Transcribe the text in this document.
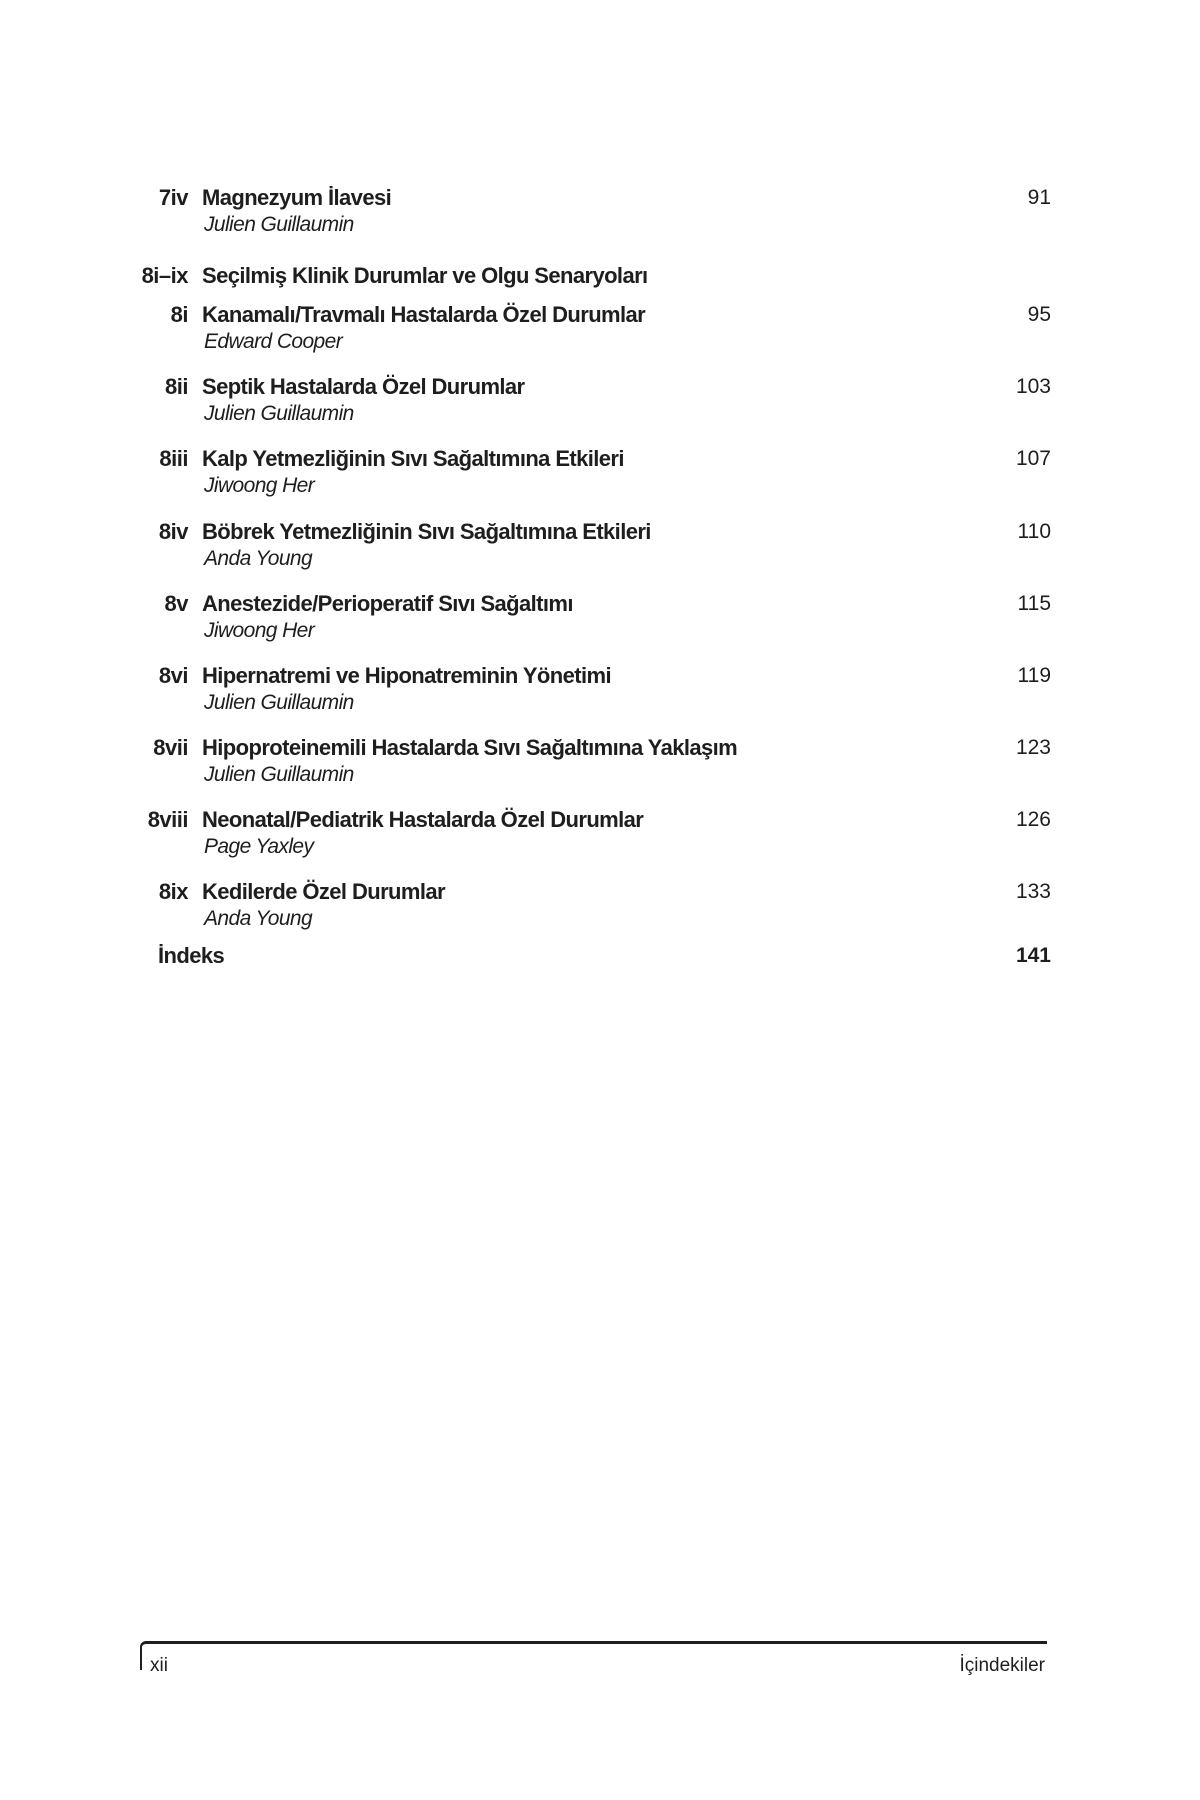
7iv Magnezyum İlavesi
Julien Guillaumin
91
8i–ix Seçilmiş Klinik Durumlar ve Olgu Senaryoları
8i Kanamalı/Travmalı Hastalarda Özel Durumlar
Edward Cooper
95
8ii Septik Hastalarda Özel Durumlar
Julien Guillaumin
103
8iii Kalp Yetmezliğinin Sıvı Sağaltımına Etkileri
Jiwoong Her
107
8iv Böbrek Yetmezliğinin Sıvı Sağaltımına Etkileri
Anda Young
110
8v Anestezide/Perioperatif Sıvı Sağaltımı
Jiwoong Her
115
8vi Hipernatremi ve Hiponatreminin Yönetimi
Julien Guillaumin
119
8vii Hipoproteinemili Hastalarda Sıvı Sağaltımına Yaklaşım
Julien Guillaumin
123
8viii Neonatal/Pediatrik Hastalarda Özel Durumlar
Page Yaxley
126
8ix Kedilerde Özel Durumlar
Anda Young
133
İndeks	141
xii	İçindekiler
